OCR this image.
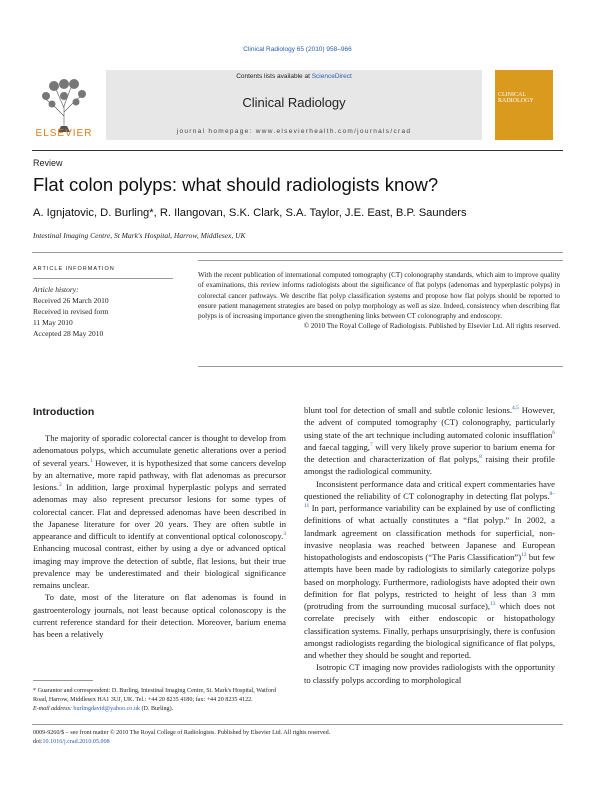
Clinical Radiology 65 (2010) 958–966
ELSEVIER
Contents lists available at ScienceDirect
Clinical Radiology
journal homepage: www.elsevierhealth.com/journals/crad
CLINICAL RADIOLOGY
Review
Flat colon polyps: what should radiologists know?
A. Ignjatovic, D. Burling*, R. Ilangovan, S.K. Clark, S.A. Taylor, J.E. East, B.P. Saunders
Intestinal Imaging Centre, St Mark's Hospital, Harrow, Middlesex, UK
ARTICLE INFORMATION
Article history:
Received 26 March 2010
Received in revised form
11 May 2010
Accepted 28 May 2010
With the recent publication of international computed tomography (CT) colonography standards, which aim to improve quality of examinations, this review informs radiologists about the significance of flat polyps (adenomas and hyperplastic polyps) in colorectal cancer pathways. We describe flat polyp classification systems and propose how flat polyps should be reported to ensure patient management strategies are based on polyp morphology as well as size. Indeed, consistency when describing flat polyps is of increasing importance given the strengthening links between CT colonography and endoscopy.
© 2010 The Royal College of Radiologists. Published by Elsevier Ltd. All rights reserved.
Introduction

The majority of sporadic colorectal cancer is thought to develop from adenomatous polyps, which accumulate genetic alterations over a period of several years.$^1$ However, it is hypothesized that some cancers develop by an alternative, more rapid pathway, with flat adenomas as precursor lesions.$^2$ In addition, large proximal hyperplastic polyps and serrated adenomas may also represent precursor lesions for some types of colorectal cancer. Flat and depressed adenomas have been described in the Japanese literature for over 20 years. They are often subtle in appearance and difficult to identify at conventional optical colonoscopy.$^3$ Enhancing mucosal contrast, either by using a dye or advanced optical imaging may improve the detection of subtle, flat lesions, but their true prevalence may be underestimated and their biological significance remains unclear.

To date, most of the literature on flat adenomas is found in gastroenterology journals, not least because optical colonoscopy is the current reference standard for their detection. Moreover, barium enema has been a relatively

blunt tool for detection of small and subtle colonic lesions.$^{4,5}$ However, the advent of computed tomography (CT) colonography, particularly using state of the art technique including automated colonic insufflation$^6$ and faecal tagging,$^7$ will very likely prove superior to barium enema for the detection and characterization of flat polyps,$^8$ raising their profile amongst the radiological community.

Inconsistent performance data and critical expert commentaries have questioned the reliability of CT colonography in detecting flat polyps.$^{8-11}$ In part, performance variability can be explained by use of conflicting definitions of what actually constitutes a “flat polyp.” In 2002, a landmark agreement on classification methods for superficial, non-invasive neoplasia was reached between Japanese and European histopathologists and endoscopists (“The Paris Classification”)$^{12}$ but few attempts have been made by radiologists to similarly categorize polyps based on morphology. Furthermore, radiologists have adopted their own definition for flat polyps, restricted to height of less than 3 mm (protruding from the surrounding mucosal surface),$^{13}$ which does not correlate precisely with either endoscopic or histopathology classification systems. Finally, perhaps unsurprisingly, there is confusion amongst radiologists regarding the biological significance of flat polyps, and whether they should be sought and reported.

Isotropic CT imaging now provides radiologists with the opportunity to classify polyps according to morphological

* Guarantor and correspondent: D. Burling, Intestinal Imaging Centre, St. Mark's Hospital, Watford Road, Harrow, Middlesex HA1 3UJ, UK. Tel.: +44 20 8235 4180; fax: +44 20 8235 4122.
E-mail address: burlingdavid@yahoo.co.uk (D. Burling).
0009-9260/$ – see front matter © 2010 The Royal College of Radiologists. Published by Elsevier Ltd. All rights reserved.
doi:10.1016/j.crad.2010.05.008
